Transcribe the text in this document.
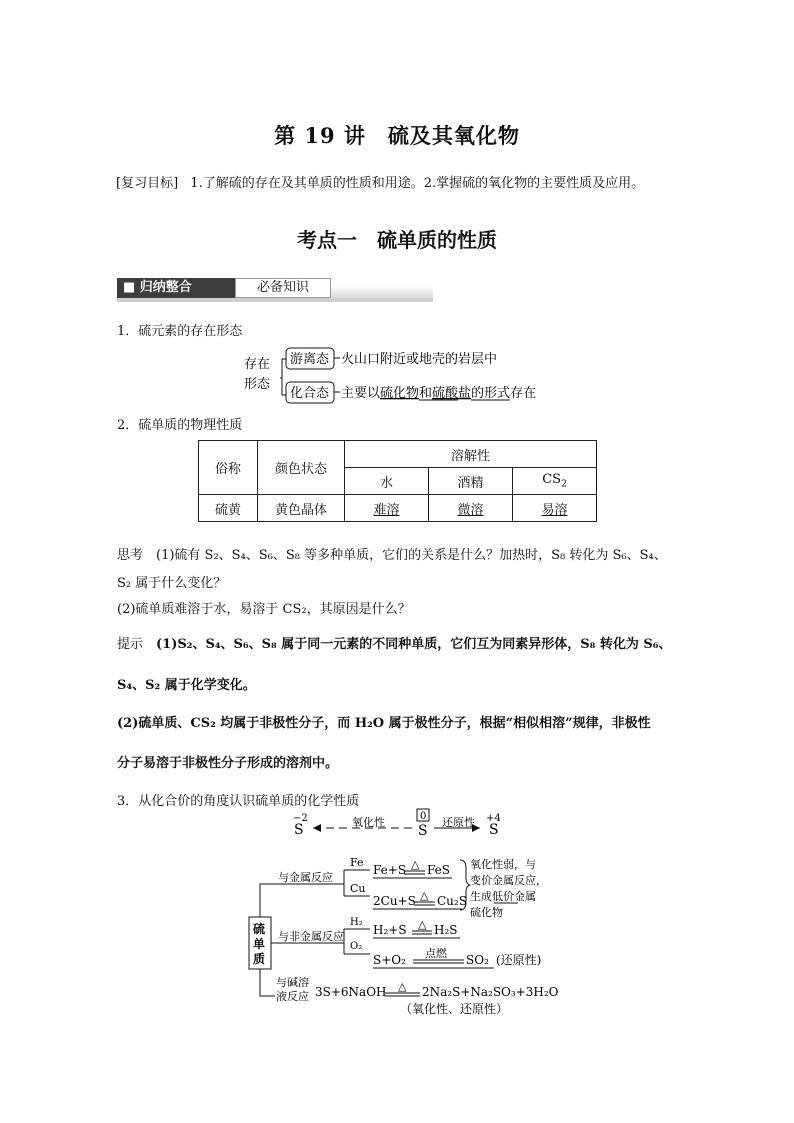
第 19 讲　硫及其氧化物
[复习目标] 1.了解硫的存在及其单质的性质和用途。2.掌握硫的氧化物的主要性质及应用。
考点一　硫单质的性质
■ 归纳整合	必备知识
1．硫元素的存在形态
存在
形态
游离态 火山口附近或地壳的岩层中
化合态 主要以硫化物和硫酸盐的形式存在
2．硫单质的物理性质
俗称	颜色状态	溶解性		
		水	酒精	$CS_2$
硫黄	黄色晶体	难溶	微溶	易溶
思考　(1)硫有 S₂、S₄、S₆、S₈ 等多种单质，它们的关系是什么？加热时，S₈ 转化为 S₆、S₄、
S₂ 属于什么变化？
(2)硫单质难溶于水，易溶于 CS₂，其原因是什么？
提示　(1)S₂、S₄、S₆、S₈ 属于同一元素的不同种单质，它们互为同素异形体，S₈ 转化为 S₆、
S₄、S₂ 属于化学变化。
(2)硫单质、CS₂ 均属于非极性分子，而 H₂O 属于极性分子，根据“相似相溶”规律，非极性
分子易溶于非极性分子形成的溶剂中。
3．从化合价的角度认识硫单质的化学性质
−2
S	氧化性	0
S
还原性 +4
S
硫
单
质
与金属反应
Fe
Fe+S △ FeS
Cu
2Cu+S △ Cu₂S
氧化性弱，与
变价金属反应，
生成低价金属
硫化物
与非金属反应
H₂
H₂+S △ H₂S
O₂
S+O₂ 点燃 SO₂ (还原性)
与碱溶
液反应 3S+6NaOH △ 2Na₂S+Na₂SO₃+3H₂O
（氧化性、还原性）
